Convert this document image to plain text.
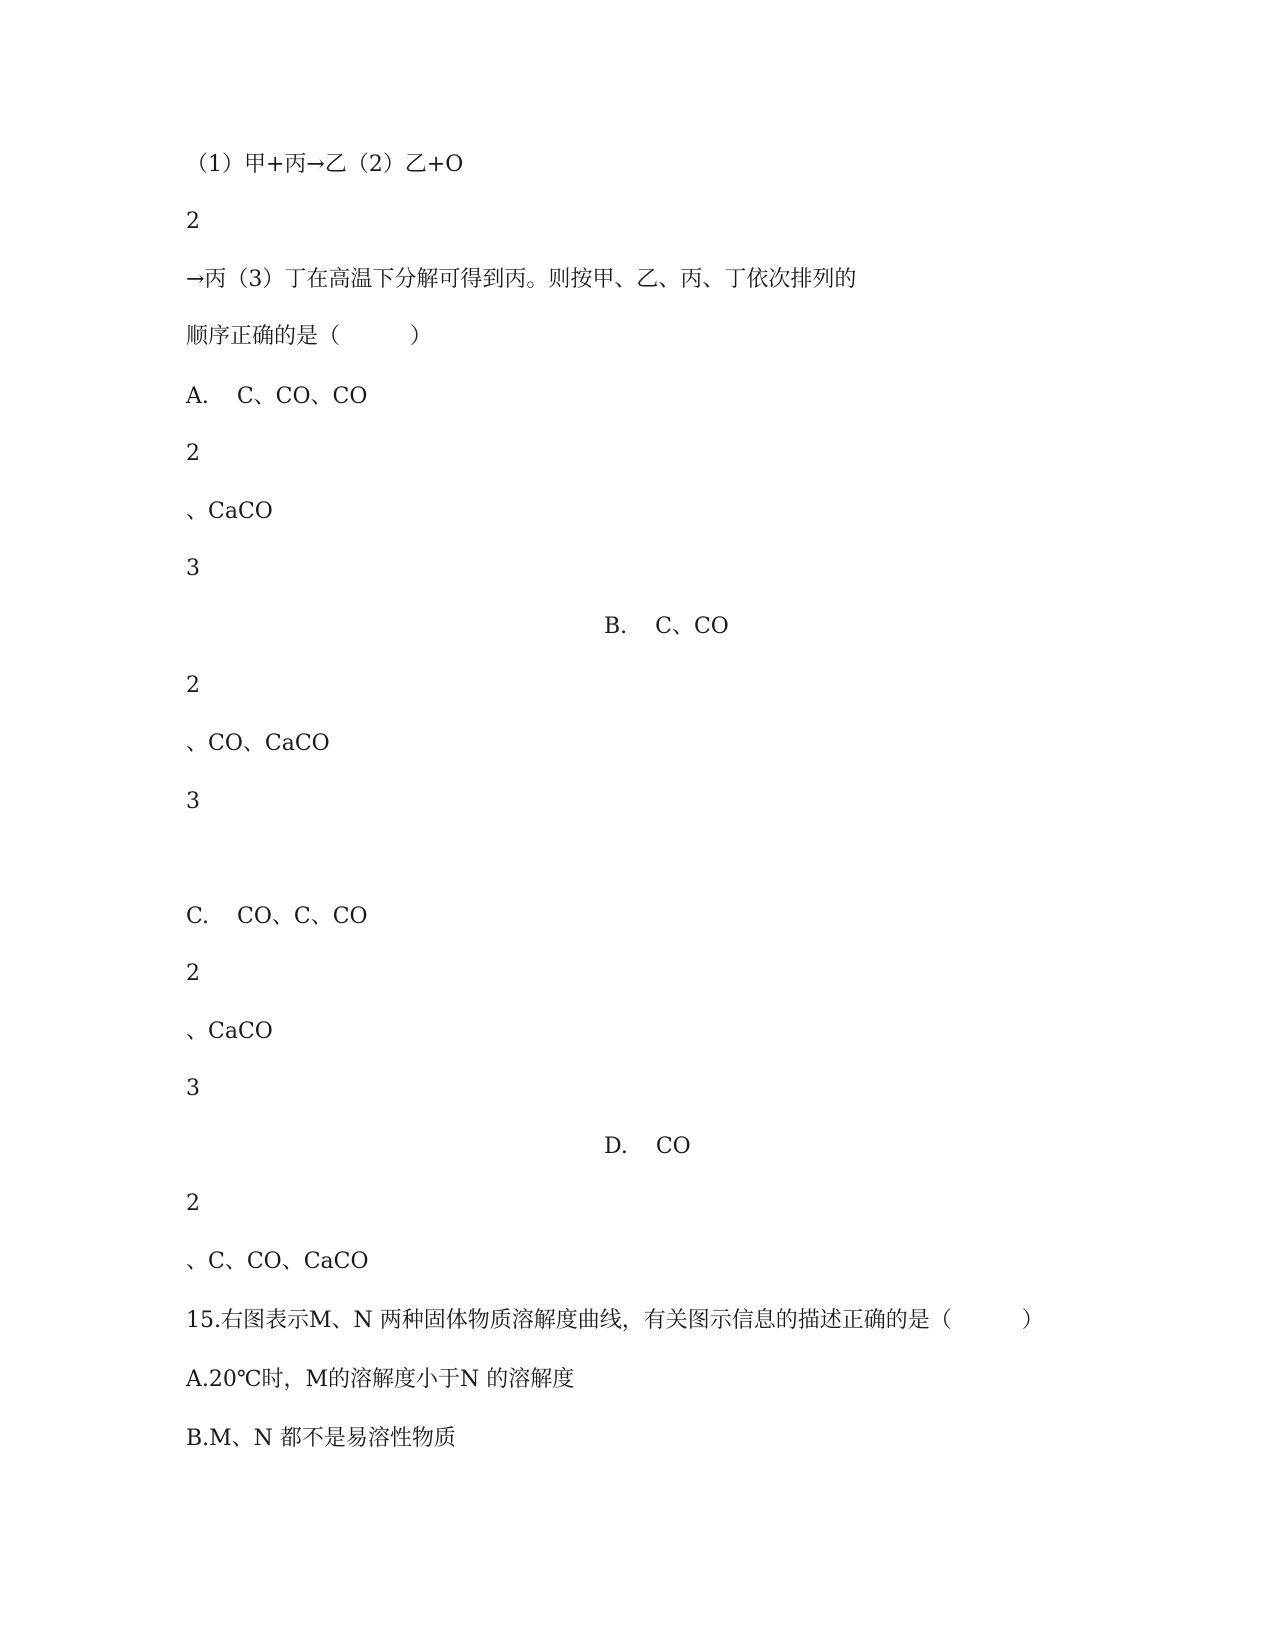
（1）甲+丙→乙（2）乙+O
2
→丙（3）丁在高温下分解可得到丙。则按甲、乙、丙、丁依次排列的
顺序正确的是（          ）
A.    C、CO、CO
2
、CaCO
3
B.    C、CO
2
、CO、CaCO
3
C.    CO、C、CO
2
、CaCO
3
D.    CO
2
、C、CO、CaCO
15.右图表示M、N 两种固体物质溶解度曲线，有关图示信息的描述正确的是（          ）
A.20℃时，M的溶解度小于N 的溶解度
B.M、N 都不是易溶性物质
